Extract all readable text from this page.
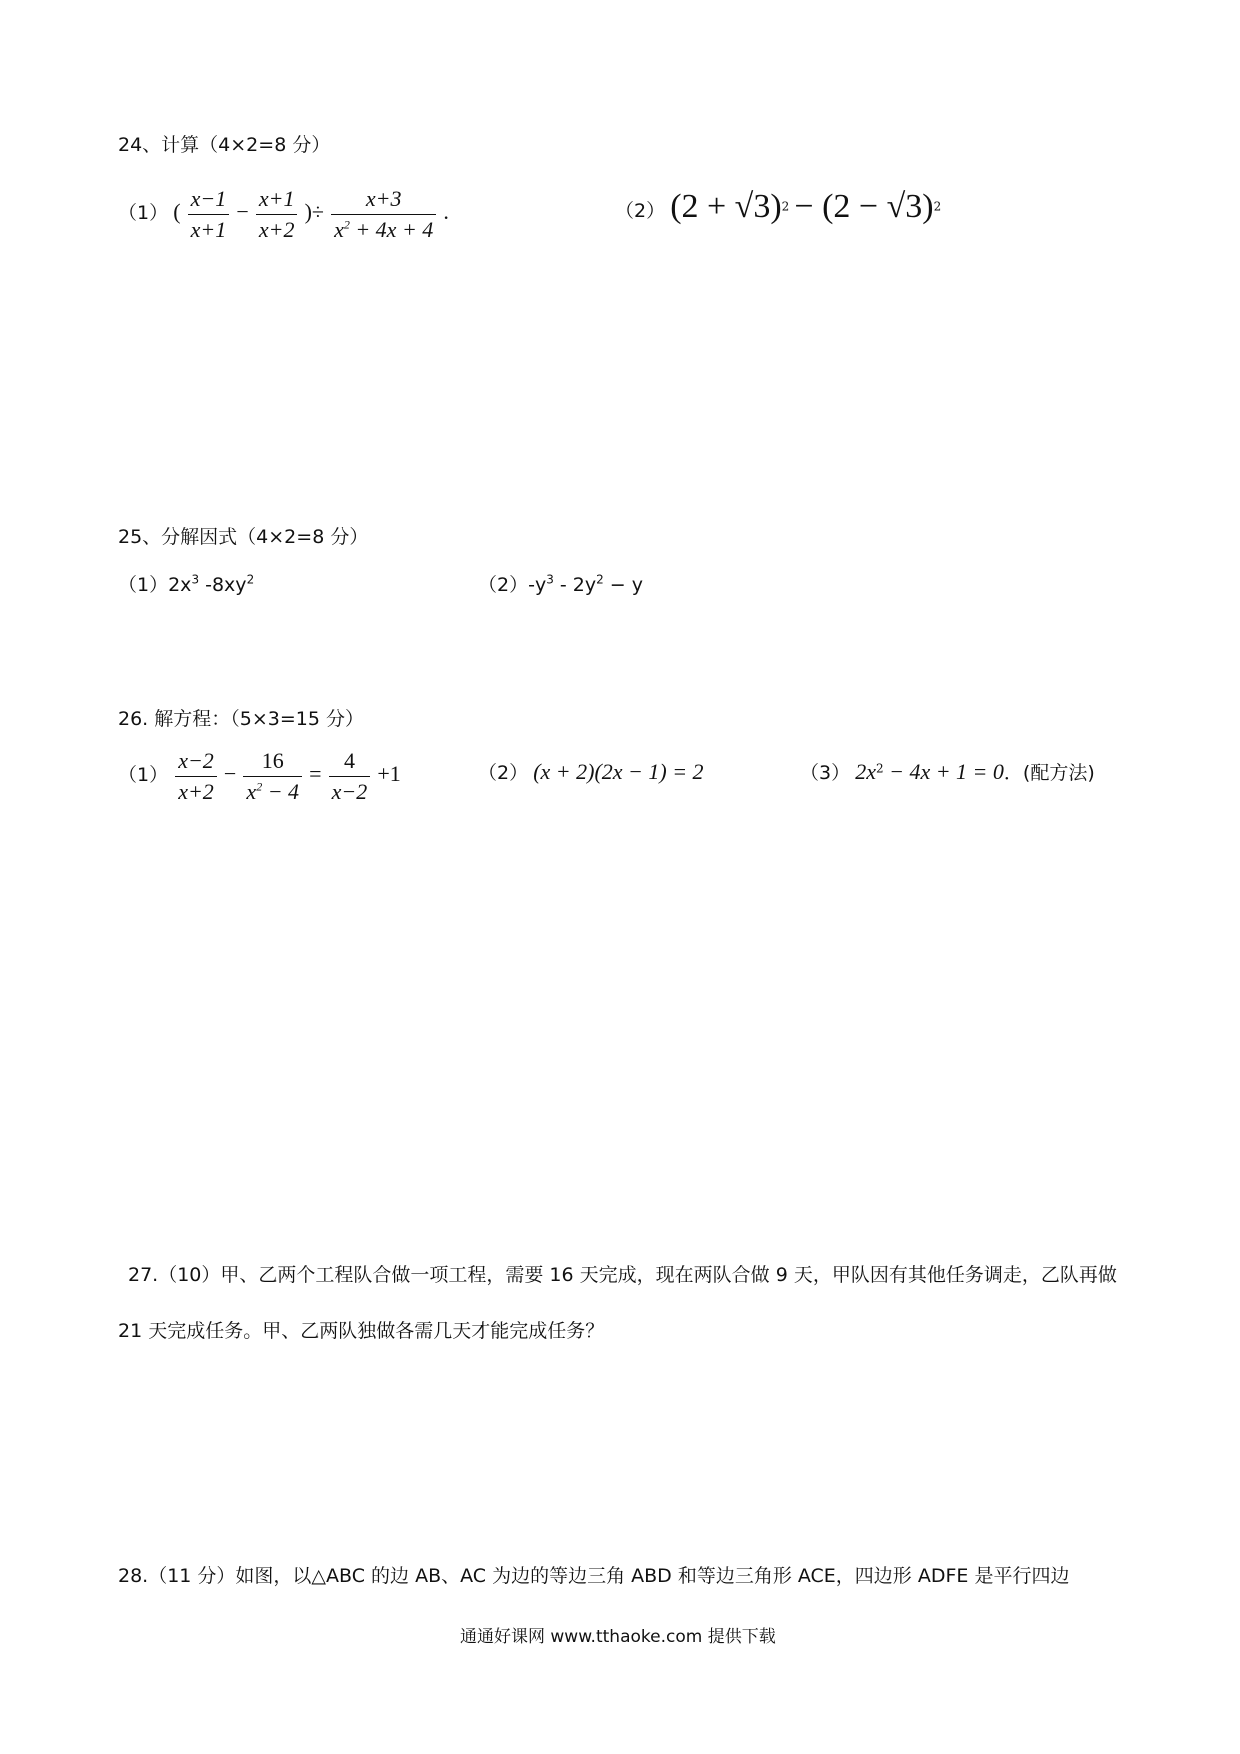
24、计算（4×2=8 分）
（1） ( $\frac{x-1}{x+1} - \frac{x+1}{x+2}$ )÷ $\frac{x+3}{x^2 + 4x + 4}$ .	（2） $(2 + √3)^2 - (2 - √3)^2$
25、分解因式（4×2=8 分）
$(1)2x^3$ $-8xy^2$	$(2)-y^3 - 2y^2 - y$
26. 解方程：（5×3=15 分）
$(1) \frac{x-2}{x+2} - \frac{16}{x^2 - 4} = \frac{4}{x-2} +1$	（2） (x + 2)(2x − 1) = 2	（3） $2x^2 - 4x + 1 = 0$．(配方法)
27.（10）甲、乙两个工程队合做一项工程，需要 16 天完成，现在两队合做 9 天，甲队因有其他任务调走，乙队再做 21 天完成任务。甲、乙两队独做各需几天才能完成任务？
28.（11 分）如图，以△ABC 的边 AB、AC 为边的等边三角 ABD 和等边三角形 ACE，四边形 ADFE 是平行四边
通通好课网 www.tthaoke.com 提供下载
